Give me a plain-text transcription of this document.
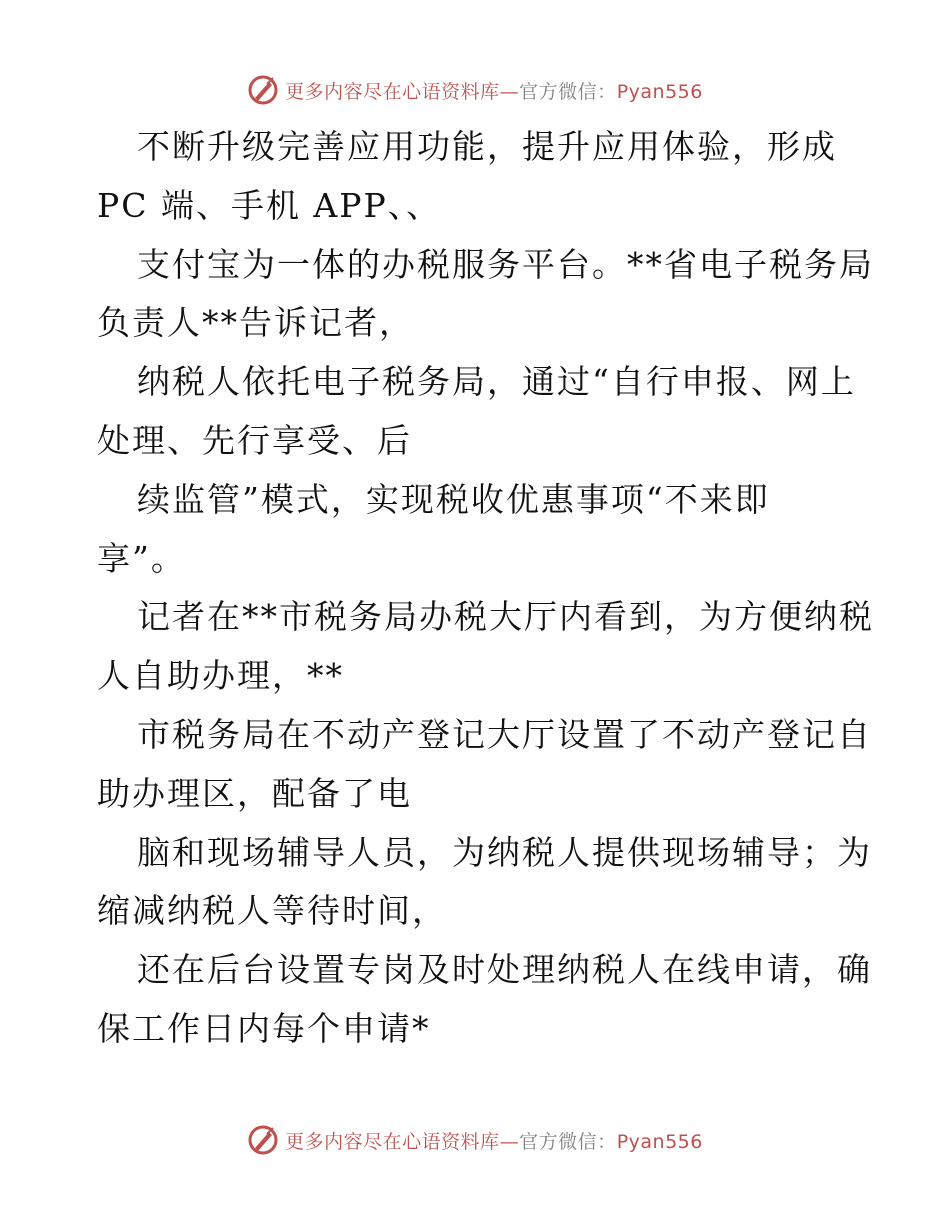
更多内容尽在心语资料库—官方微信：Pyan556
不断升级完善应用功能，提升应用体验，形成
PC 端、手机 APP、、
支付宝为一体的办税服务平台。**省电子税务局
负责人**告诉记者，
纳税人依托电子税务局，通过“自行申报、网上
处理、先行享受、后
续监管”模式，实现税收优惠事项“不来即
享”。
记者在**市税务局办税大厅内看到，为方便纳税
人自助办理，**
市税务局在不动产登记大厅设置了不动产登记自
助办理区，配备了电
脑和现场辅导人员，为纳税人提供现场辅导；为
缩减纳税人等待时间，
还在后台设置专岗及时处理纳税人在线申请，确
保工作日内每个申请*
更多内容尽在心语资料库—官方微信：Pyan556
